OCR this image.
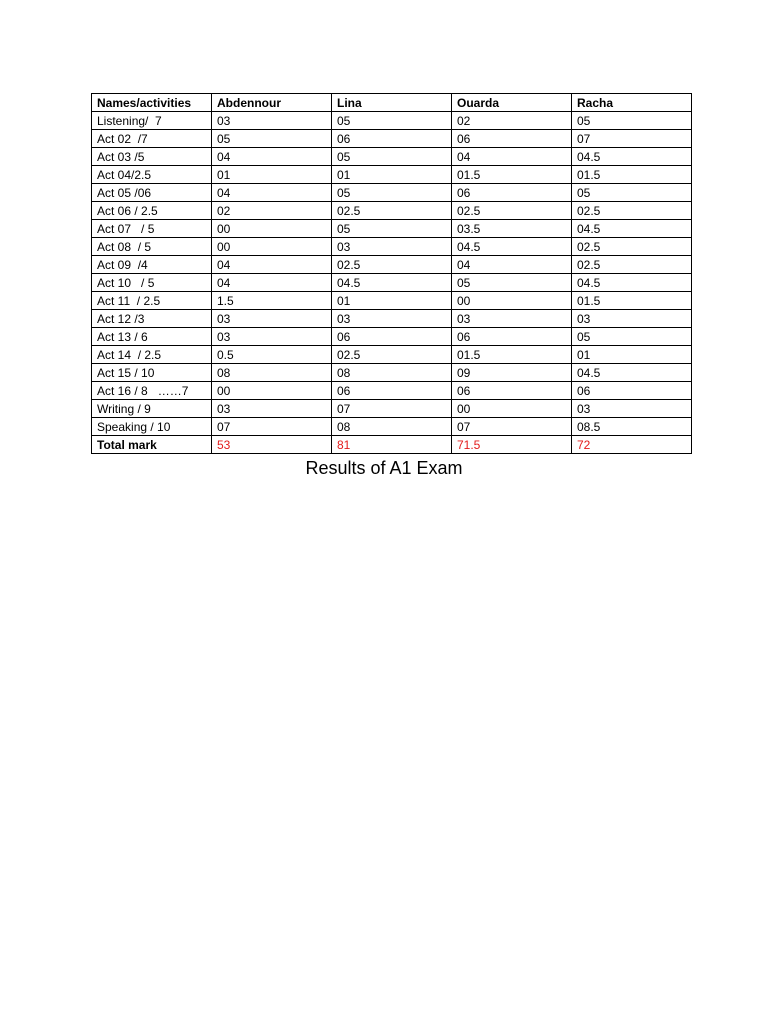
Names/activities	Abdennour	Lina	Ouarda	Racha
Listening/  7	03	05	02	05
Act 02  /7	05	06	06	07
Act 03 /5	04	05	04	04.5
Act 04/2.5	01	01	01.5	01.5
Act 05 /06	04	05	06	05
Act 06 / 2.5	02	02.5	02.5	02.5
Act 07   / 5	00	05	03.5	04.5
Act 08  / 5	00	03	04.5	02.5
Act 09  /4	04	02.5	04	02.5
Act 10   / 5	04	04.5	05	04.5
Act 11  / 2.5	1.5	01	00	01.5
Act 12 /3	03	03	03	03
Act 13 / 6	03	06	06	05
Act 14  / 2.5	0.5	02.5	01.5	01
Act 15 / 10	08	08	09	04.5
Act 16 / 8   ……7	00	06	06	06
Writing / 9	03	07	00	03
Speaking / 10	07	08	07	08.5
Total mark	53	81	71.5	72
Results of A1 Exam
